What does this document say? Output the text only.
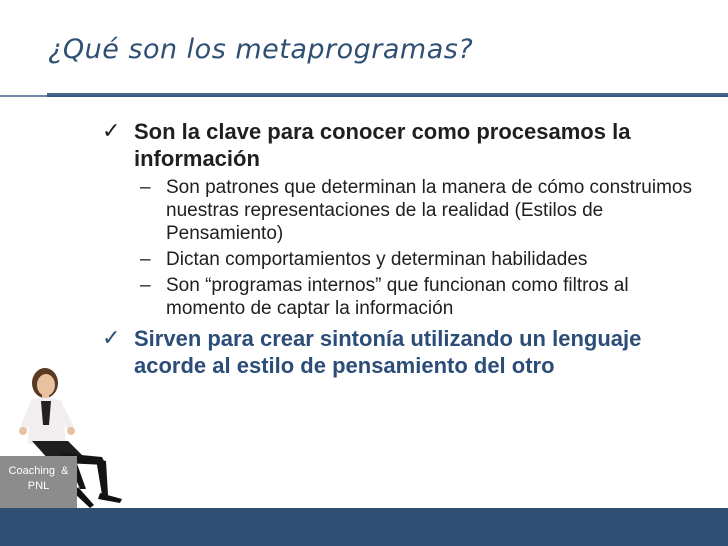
¿Qué son los metaprogramas?
✓ Son la clave para conocer como procesamos la información
– Son patrones que determinan la manera de cómo construimos nuestras representaciones de la realidad (Estilos de Pensamiento)
– Dictan comportamientos y determinan habilidades
– Son “programas internos” que funcionan como filtros al momento de captar la información
✓ Sirven para crear sintonía utilizando un lenguaje acorde al estilo de pensamiento del otro
Coaching  &
PNL
